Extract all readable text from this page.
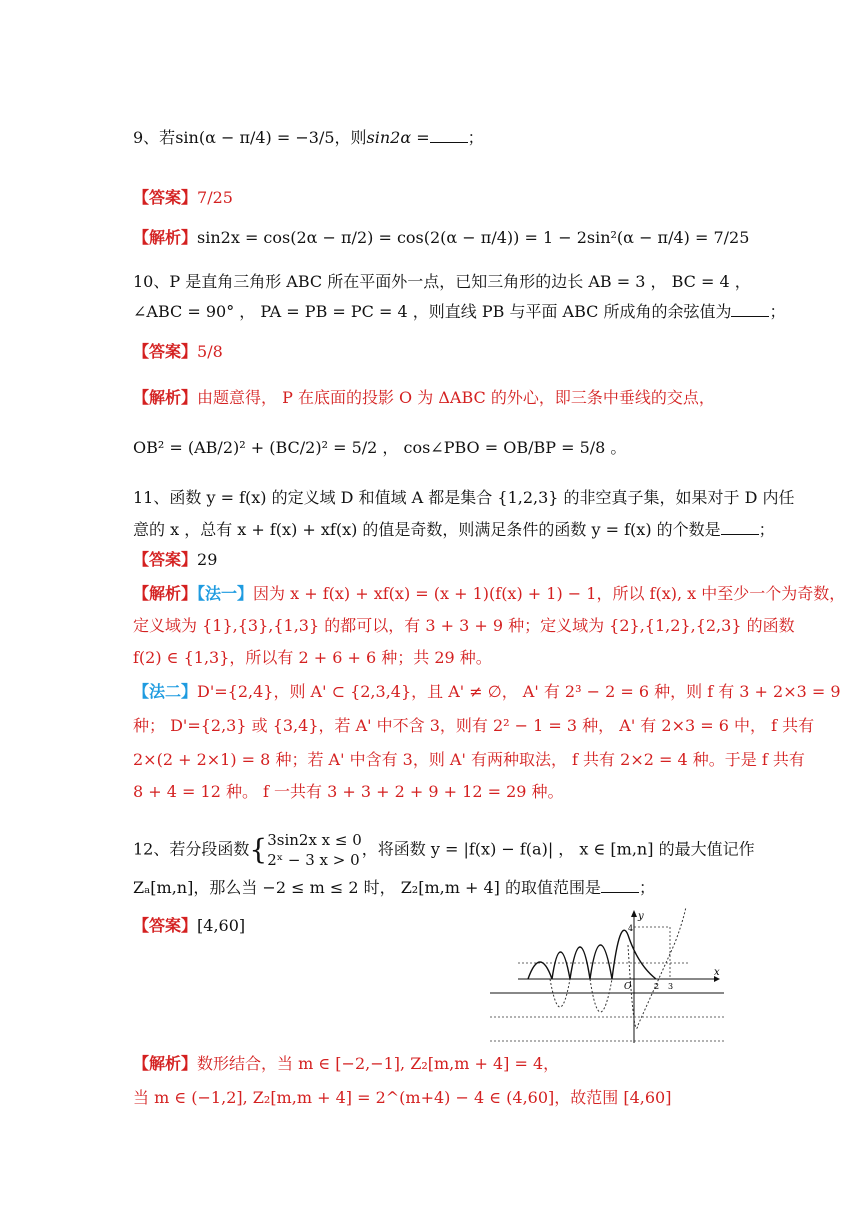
9、若sin(α − π/4) = −3/5，则sin2α = ；
【答案】7/25
【解析】sin2x = cos(2α − π/2) = cos(2(α − π/4)) = 1 − 2sin²(α − π/4) = 7/25
10、P 是直角三角形 ABC 所在平面外一点，已知三角形的边长 AB = 3 ， BC = 4 ，
∠ABC = 90° ， PA = PB = PC = 4 ，则直线 PB 与平面 ABC 所成角的余弦值为 ；
【答案】5/8
【解析】由题意得， P 在底面的投影 O 为 ΔABC 的外心，即三条中垂线的交点，
OB² = (AB/2)² + (BC/2)² = 5/2 ， cos∠PBO = OB/BP = 5/8 。
11、函数 y = f(x) 的定义域 D 和值域 A 都是集合 {1,2,3} 的非空真子集，如果对于 D 内任
意的 x ，总有 x + f(x) + xf(x) 的值是奇数，则满足条件的函数 y = f(x) 的个数是 ；
【答案】29
【解析】【法一】因为 x + f(x) + xf(x) = (x + 1)(f(x) + 1) − 1，所以 f(x), x 中至少一个为奇数，
定义域为 {1},{3},{1,3} 的都可以，有 3 + 3 + 9 种；定义域为 {2},{1,2},{2,3} 的函数
f(2) ∈ {1,3}，所以有 2 + 6 + 6 种；共 29 种。
【法二】D'={2,4}，则 A' ⊂ {2,3,4}，且 A' ≠ ∅， A' 有 2³ − 2 = 6 种，则 f 有 3 + 2×3 = 9
种； D'={2,3} 或 {3,4}，若 A' 中不含 3，则有 2² − 1 = 3 种， A' 有 2×3 = 6 中， f 共有
2×(2 + 2×1) = 8 种；若 A' 中含有 3，则 A' 有两种取法， f 共有 2×2 = 4 种。于是 f 共有
8 + 4 = 12 种。 f 一共有 3 + 3 + 2 + 9 + 12 = 29 种。
12、若分段函数{ 3sin2x x ≤ 0
2ˣ − 3 x > 0
，将函数 y = |f(x) − f(a)| ， x ∈ [m,n] 的最大值记作
Zₐ[m,n]，那么当 −2 ≤ m ≤ 2 时， Z₂[m,m + 4] 的取值范围是 ；
【答案】[4,60]
【解析】数形结合，当 m ∈ [−2,−1], Z₂[m,m + 4] = 4，
当 m ∈ (−1,2], Z₂[m,m + 4] = 2^(m+4) − 4 ∈ (4,60]，故范围 [4,60]
y
x
O
4
2 3
